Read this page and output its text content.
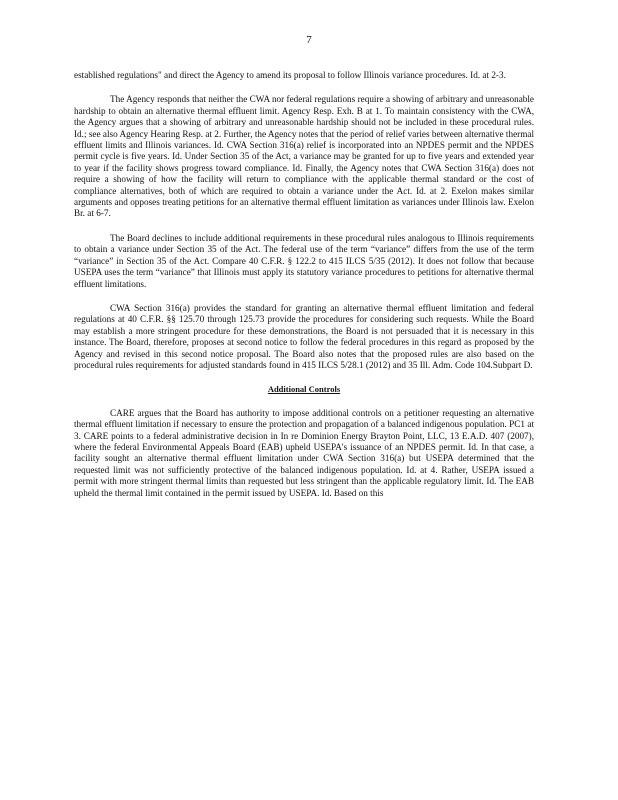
7

established regulations" and direct the Agency to amend its proposal to follow Illinois variance procedures. Id. at 2-3.

The Agency responds that neither the CWA nor federal regulations require a showing of arbitrary and unreasonable hardship to obtain an alternative thermal effluent limit. Agency Resp. Exh. B at 1. To maintain consistency with the CWA, the Agency argues that a showing of arbitrary and unreasonable hardship should not be included in these procedural rules. Id.; see also Agency Hearing Resp. at 2. Further, the Agency notes that the period of relief varies between alternative thermal effluent limits and Illinois variances. Id. CWA Section 316(a) relief is incorporated into an NPDES permit and the NPDES permit cycle is five years. Id. Under Section 35 of the Act, a variance may be granted for up to five years and extended year to year if the facility shows progress toward compliance. Id. Finally, the Agency notes that CWA Section 316(a) does not require a showing of how the facility will return to compliance with the applicable thermal standard or the cost of compliance alternatives, both of which are required to obtain a variance under the Act. Id. at 2. Exelon makes similar arguments and opposes treating petitions for an alternative thermal effluent limitation as variances under Illinois law. Exelon Br. at 6-7.

The Board declines to include additional requirements in these procedural rules analogous to Illinois requirements to obtain a variance under Section 35 of the Act. The federal use of the term “variance” differs from the use of the term “variance” in Section 35 of the Act. Compare 40 C.F.R. § 122.2 to 415 ILCS 5/35 (2012). It does not follow that because USEPA uses the term “variance” that Illinois must apply its statutory variance procedures to petitions for alternative thermal effluent limitations.

CWA Section 316(a) provides the standard for granting an alternative thermal effluent limitation and federal regulations at 40 C.F.R. §§ 125.70 through 125.73 provide the procedures for considering such requests. While the Board may establish a more stringent procedure for these demonstrations, the Board is not persuaded that it is necessary in this instance. The Board, therefore, proposes at second notice to follow the federal procedures in this regard as proposed by the Agency and revised in this second notice proposal. The Board also notes that the proposed rules are also based on the procedural rules requirements for adjusted standards found in 415 ILCS 5/28.1 (2012) and 35 Ill. Adm. Code 104.Subpart D.

Additional Controls

CARE argues that the Board has authority to impose additional controls on a petitioner requesting an alternative thermal effluent limitation if necessary to ensure the protection and propagation of a balanced indigenous population. PC1 at 3. CARE points to a federal administrative decision in In re Dominion Energy Brayton Point, LLC, 13 E.A.D. 407 (2007), where the federal Environmental Appeals Board (EAB) upheld USEPA's issuance of an NPDES permit. Id. In that case, a facility sought an alternative thermal effluent limitation under CWA Section 316(a) but USEPA determined that the requested limit was not sufficiently protective of the balanced indigenous population. Id. at 4. Rather, USEPA issued a permit with more stringent thermal limits than requested but less stringent than the applicable regulatory limit. Id. The EAB upheld the thermal limit contained in the permit issued by USEPA. Id. Based on this
